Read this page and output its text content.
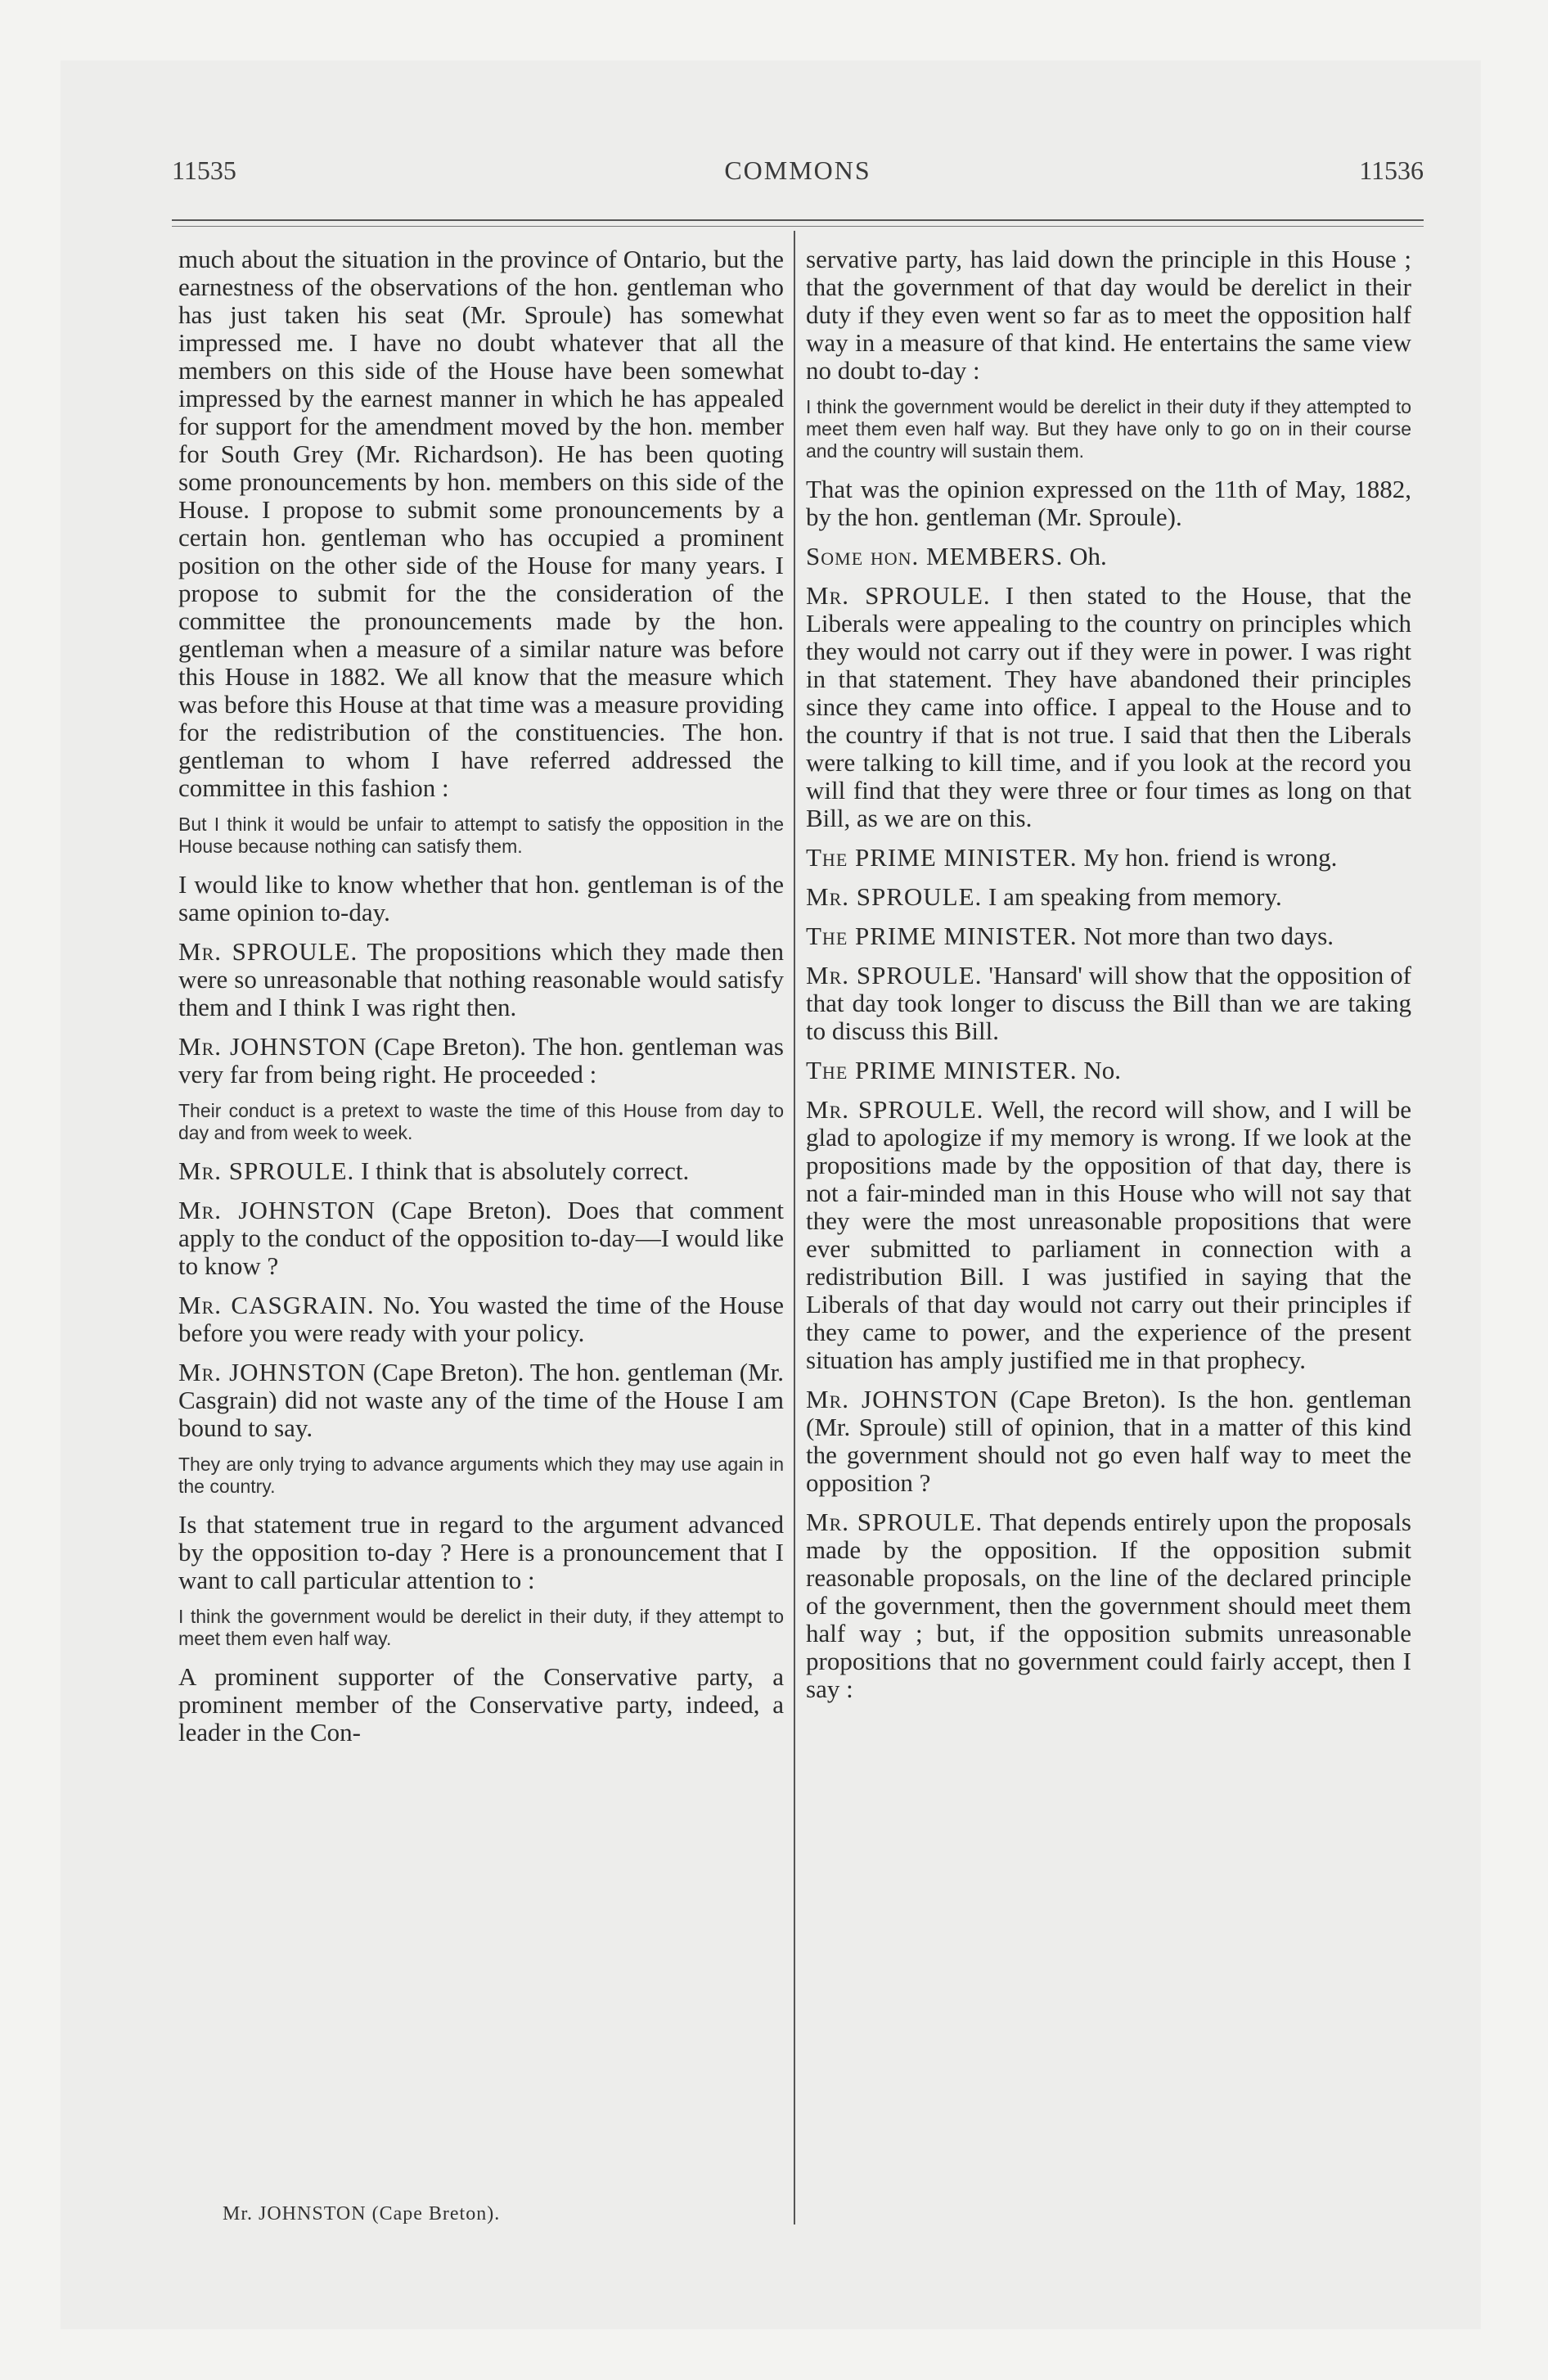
11535	COMMONS	11536

much about the situation in the province of Ontario, but the earnestness of the observations of the hon. gentleman who has just taken his seat (Mr. Sproule) has somewhat impressed me. I have no doubt whatever that all the members on this side of the House have been somewhat impressed by the earnest manner in which he has appealed for support for the amendment moved by the hon. member for South Grey (Mr. Richardson). He has been quoting some pronouncements by hon. members on this side of the House. I propose to submit some pronouncements by a certain hon. gentleman who has occupied a prominent position on the other side of the House for many years. I propose to submit for the the consideration of the committee the pronouncements made by the hon. gentleman when a measure of a similar nature was before this House in 1882. We all know that the measure which was before this House at that time was a measure providing for the redistribution of the constituencies. The hon. gentleman to whom I have referred addressed the committee in this fashion :

But I think it would be unfair to attempt to satisfy the opposition in the House because nothing can satisfy them.

I would like to know whether that hon. gentleman is of the same opinion to-day.

Mr. SPROULE. The propositions which they made then were so unreasonable that nothing reasonable would satisfy them and I think I was right then.

Mr. JOHNSTON (Cape Breton). The hon. gentleman was very far from being right. He proceeded :

Their conduct is a pretext to waste the time of this House from day to day and from week to week.

Mr. SPROULE. I think that is absolutely correct.

Mr. JOHNSTON (Cape Breton). Does that comment apply to the conduct of the opposition to-day—I would like to know ?

Mr. CASGRAIN. No. You wasted the time of the House before you were ready with your policy.

Mr. JOHNSTON (Cape Breton). The hon. gentleman (Mr. Casgrain) did not waste any of the time of the House I am bound to say.

They are only trying to advance arguments which they may use again in the country.

Is that statement true in regard to the argument advanced by the opposition to-day ? Here is a pronouncement that I want to call particular attention to :

I think the government would be derelict in their duty, if they attempt to meet them even half way.

A prominent supporter of the Conservative party, a prominent member of the Conservative party, indeed, a leader in the Con-

servative party, has laid down the principle in this House ; that the government of that day would be derelict in their duty if they even went so far as to meet the opposition half way in a measure of that kind. He entertains the same view no doubt to-day :

I think the government would be derelict in their duty if they attempted to meet them even half way. But they have only to go on in their course and the country will sustain them.

That was the opinion expressed on the 11th of May, 1882, by the hon. gentleman (Mr. Sproule).

Some hon. MEMBERS. Oh.

Mr. SPROULE. I then stated to the House, that the Liberals were appealing to the country on principles which they would not carry out if they were in power. I was right in that statement. They have abandoned their principles since they came into office. I appeal to the House and to the country if that is not true. I said that then the Liberals were talking to kill time, and if you look at the record you will find that they were three or four times as long on that Bill, as we are on this.

The PRIME MINISTER. My hon. friend is wrong.

Mr. SPROULE. I am speaking from memory.

The PRIME MINISTER. Not more than two days.

Mr. SPROULE. 'Hansard' will show that the opposition of that day took longer to discuss the Bill than we are taking to discuss this Bill.

The PRIME MINISTER. No.

Mr. SPROULE. Well, the record will show, and I will be glad to apologize if my memory is wrong. If we look at the propositions made by the opposition of that day, there is not a fair-minded man in this House who will not say that they were the most unreasonable propositions that were ever submitted to parliament in connection with a redistribution Bill. I was justified in saying that the Liberals of that day would not carry out their principles if they came to power, and the experience of the present situation has amply justified me in that prophecy.

Mr. JOHNSTON (Cape Breton). Is the hon. gentleman (Mr. Sproule) still of opinion, that in a matter of this kind the government should not go even half way to meet the opposition ?

Mr. SPROULE. That depends entirely upon the proposals made by the opposition. If the opposition submit reasonable proposals, on the line of the declared principle of the government, then the government should meet them half way ; but, if the opposition submits unreasonable propositions that no government could fairly accept, then I say :

Mr. JOHNSTON (Cape Breton).
